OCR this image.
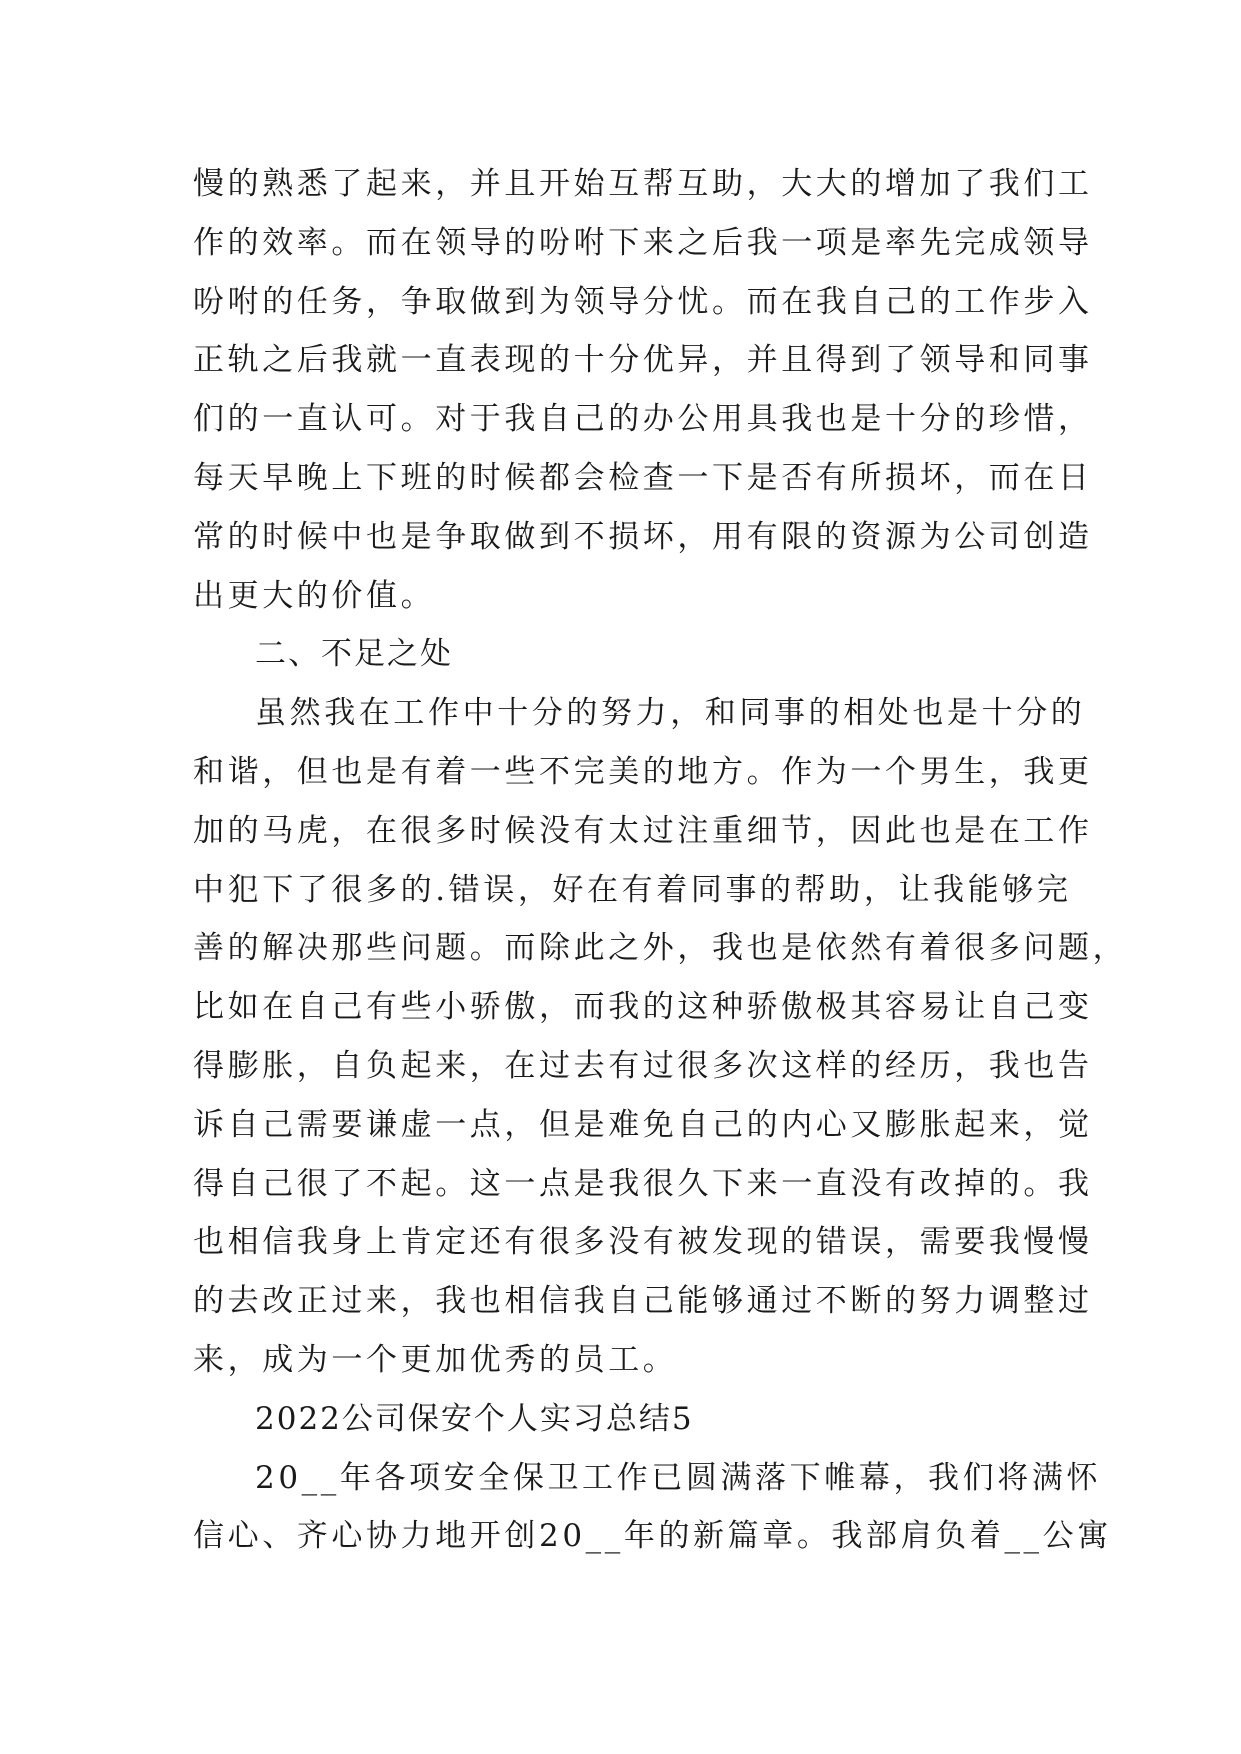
慢的熟悉了起来，并且开始互帮互助，大大的增加了我们工
作的效率。而在领导的吩咐下来之后我一项是率先完成领导
吩咐的任务，争取做到为领导分忧。而在我自己的工作步入
正轨之后我就一直表现的十分优异，并且得到了领导和同事
们的一直认可。对于我自己的办公用具我也是十分的珍惜，
每天早晚上下班的时候都会检查一下是否有所损坏，而在日
常的时候中也是争取做到不损坏，用有限的资源为公司创造
出更大的价值。
二、不足之处
虽然我在工作中十分的努力，和同事的相处也是十分的
和谐，但也是有着一些不完美的地方。作为一个男生，我更
加的马虎，在很多时候没有太过注重细节，因此也是在工作
中犯下了很多的.错误，好在有着同事的帮助，让我能够完
善的解决那些问题。而除此之外，我也是依然有着很多问题，
比如在自己有些小骄傲，而我的这种骄傲极其容易让自己变
得膨胀，自负起来，在过去有过很多次这样的经历，我也告
诉自己需要谦虚一点，但是难免自己的内心又膨胀起来，觉
得自己很了不起。这一点是我很久下来一直没有改掉的。我
也相信我身上肯定还有很多没有被发现的错误，需要我慢慢
的去改正过来，我也相信我自己能够通过不断的努力调整过
来，成为一个更加优秀的员工。
2022公司保安个人实习总结5
20__年各项安全保卫工作已圆满落下帷幕，我们将满怀
信心、齐心协力地开创20__年的新篇章。我部肩负着__公寓
